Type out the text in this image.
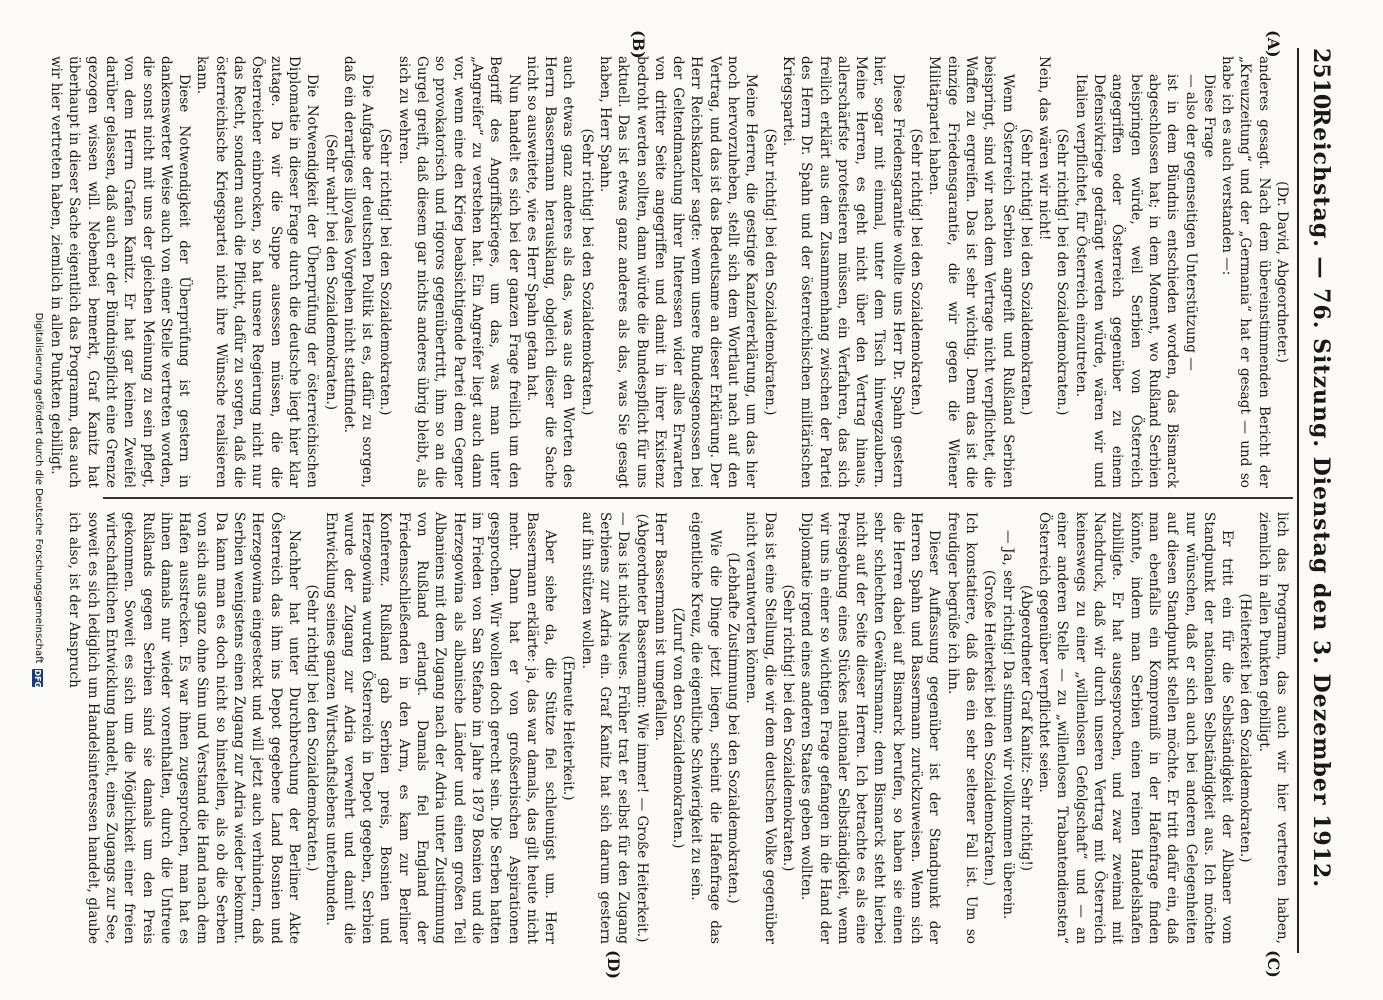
2510
Reichstag. — 76. Sitzung. Dienstag den 3. Dezember 1912.
(A)
(B)
(C)
(D)

(Dr. David, Abgeordneter.)

anderes gesagt. Nach dem übereinstimmenden Bericht der „Kreuzzeitung“ und der „Germania“ hat er gesagt — und so habe ich es auch verstanden —:

Diese Frage

— also der gegenseitigen Unterstützung —

ist in dem Bündnis entschieden worden, das Bismarck abgeschlossen hat; in dem Moment, wo Rußland Serbien beispringen würde, weil Serbien von Österreich angegriffen oder Österreich gegenüber zu einem Defensivkriege gedrängt werden würde, wären wir und Italien verpflichtet, für Österreich einzutreten.

(Sehr richtig! bei den Sozialdemokraten.)

Nein, das wären wir nicht!

(Sehr richtig! bei den Sozialdemokraten.)

Wenn Österreich Serbien angreift und Rußland Serbien beispringt, sind wir nach dem Vertrage nicht verpflichtet, die Waffen zu ergreifen. Das ist sehr wichtig. Denn das ist die einzige Friedensgarantie, die wir gegen die Wiener Militärpartei haben.

(Sehr richtig! bei den Sozialdemokraten.)

Diese Friedensgarantie wollte uns Herr Dr. Spahn gestern hier, sogar mit einmal, unter dem Tisch hinwegzaubern. Meine Herren, es geht nicht über den Vertrag hinaus, allerschärfste protestieren müssen, ein Verfahren, das sich freilich erklärt aus dem Zusammenhang zwischen der Partei des Herrn Dr. Spahn und der österreichischen militärischen Kriegspartei.

(Sehr richtig! bei den Sozialdemokraten.)

Meine Herren, die gestrige Kanzlererklärung, um das hier noch hervorzuheben, stellt sich dem Wortlaut nach auf den Vertrag, und das ist das Bedeutsame an dieser Erklärung. Der Herr Reichskanzler sagte: wenn unsere Bundesgenossen bei der Geltendmachung ihrer Interessen wider alles Erwarten von dritter Seite angegriffen und damit in ihrer Existenz bedroht werden sollten, dann würde die Bundespflicht für uns aktuell. Das ist etwas ganz anderes als das, was Sie gesagt haben, Herr Spahn.

(Sehr richtig! bei den Sozialdemokraten.)

auch etwas ganz anderes als das, was aus den Worten des Herrn Bassermann herausklang, obgleich dieser die Sache nicht so ausweitete, wie es Herr Spahn getan hat.

Nun handelt es sich bei der ganzen Frage freilich um den Begriff des Angriffskrieges, um das, was man unter „Angreifer“ zu verstehen hat. Ein Angreifer liegt auch dann vor, wenn eine den Krieg beabsichtigende Partei dem Gegner so provokatorisch und rigoros gegenübertritt, ihm so an die Gurgel greift, daß diesem gar nichts anderes übrig bleibt, als sich zu wehren.

(Sehr richtig! bei den Sozialdemokraten.)

Die Aufgabe der deutschen Politik ist es, dafür zu sorgen, daß ein derartiges illoyales Vorgehen nicht stattfindet.

(Sehr wahr! bei den Sozialdemokraten.)

Die Notwendigkeit der Überprüfung der österreichischen Diplomatie in dieser Frage durch die deutsche liegt hier klar zutage. Da wir die Suppe ausessen müssen, die die Österreicher einbrocken, so hat unsere Regierung nicht nur das Recht, sondern auch die Pflicht, dafür zu sorgen, daß die österreichische Kriegspartei nicht ihre Wünsche realisieren kann.

Diese Notwendigkeit der Überprüfung ist gestern in dankenswerter Weise auch von einer Stelle vertreten worden, die sonst nicht mit uns der gleichen Meinung zu sein pflegt, von dem Herrn Grafen Kanitz. Er hat gar keinen Zweifel darüber gelassen, daß auch er der Bündnispflicht eine Grenze gezogen wissen will. Nebenbei bemerkt, Graf Kanitz hat überhaupt in dieser Sache eigentlich das Programm, das auch wir hier vertreten haben, ziemlich in allen Punkten gebilligt.

lich das Programm, das auch wir hier vertreten haben, ziemlich in allen Punkten gebilligt.

(Heiterkeit bei den Sozialdemokraten.)

Er tritt ein für die Selbständigkeit der Albaner vom Standpunkt der nationalen Selbständigkeit aus. Ich möchte nur wünschen, daß er sich auch bei anderen Gelegenheiten auf diesen Standpunkt stellen möchte. Er tritt dafür ein, daß man ebenfalls ein Kompromiß in der Hafenfrage finden könnte, indem man Serbien einen reinen Handelshafen zubilligte. Er hat ausgesprochen, und zwar zweimal mit Nachdruck, daß wir durch unseren Vertrag mit Österreich keineswegs zu einer „willenlosen Gefolgschaft“ und — an einer anderen Stelle — zu „willenlosen Trabantendiensten“ Österreich gegenüber verpflichtet seien.

(Abgeordneter Graf Kanitz: Sehr richtig!)

— Ja, sehr richtig! Da stimmen wir vollkommen überein.

(Große Heiterkeit bei den Sozialdemokraten.)

Ich konstatiere, daß das ein sehr seltener Fall ist. Um so freudiger begrüße ich ihn.

Dieser Auffassung gegenüber ist der Standpunkt der Herren Spahn und Bassermann zurückzuweisen. Wenn sich die Herren dabei auf Bismarck berufen, so haben sie einen sehr schlechten Gewährsmann; denn Bismarck steht hierbei nicht auf der Seite dieser Herren. Ich betrachte es als eine Preisgebung eines Stückes nationaler Selbständigkeit, wenn wir uns in einer so wichtigen Frage gefangen in die Hand der Diplomatie irgend eines anderen Staates geben wollten.

(Sehr richtig! bei den Sozialdemokraten.)

Das ist eine Stellung, die wir dem deutschen Volke gegenüber nicht verantworten können.

(Lebhafte Zustimmung bei den Sozialdemokraten.)

Wie die Dinge jetzt liegen, scheint die Hafenfrage das eigentliche Kreuz, die eigentliche Schwierigkeit zu sein.

(Zuruf von den Sozialdemokraten.)

Herr Bassermann ist umgefallen.

(Abgeordneter Bassermann: Wie immer! — Große Heiterkeit.)

— Das ist nichts Neues. Früher trat er selbst für den Zugang Serbiens zur Adria ein. Graf Kanitz hat sich darum gestern auf ihn stützen wollen.

(Erneute Heiterkeit.)

Aber siehe da, die Stütze fiel schleunigst um. Herr Bassermann erklärte: ja, das war damals, das gilt heute nicht mehr. Dann hat er von großserbischen Aspirationen gesprochen. Wir wollen doch gerecht sein. Die Serben hatten im Frieden von San Stefano im Jahre 1879 Bosnien und die Herzegowina als albanische Länder und einen großen Teil Albaniens mit dem Zugang nach der Adria unter Zustimmung von Rußland erlangt. Damals fiel England der Friedensschließenden in den Arm, es kam zur Berliner Konferenz. Rußland gab Serbien preis, Bosnien und Herzegowina wurden Österreich in Depot gegeben, Serbien wurde der Zugang zur Adria verwehrt und damit die Entwicklung seines ganzen Wirtschaftslebens unterbunden.

(Sehr richtig! bei den Sozialdemokraten.)

Nachher hat unter Durchbrechung der Berliner Akte Österreich das ihm ins Depot gegebene Land Bosnien und Herzegowina eingesteckt und will jetzt auch verhindern, daß Serbien wenigstens einen Zugang zur Adria wieder bekommt. Da kann man es doch nicht so hinstellen, als ob die Serben von sich aus ganz ohne Sinn und Verstand die Hand nach dem Hafen ausstrecken. Es war ihnen zugesprochen, man hat es ihnen damals nur wieder vorenthalten, durch die Untreue Rußlands gegen Serbien sind sie damals um den Preis gekommen. Soweit es sich um die Möglichkeit einer freien wirtschaftlichen Entwicklung handelt, eines Zugangs zur See, soweit es sich lediglich um Handelsinteressen handelt, glaube ich also, ist der Anspruch

Digitalisierung gefördert durch die Deutsche Forschungsgemeinschaft
DFG
